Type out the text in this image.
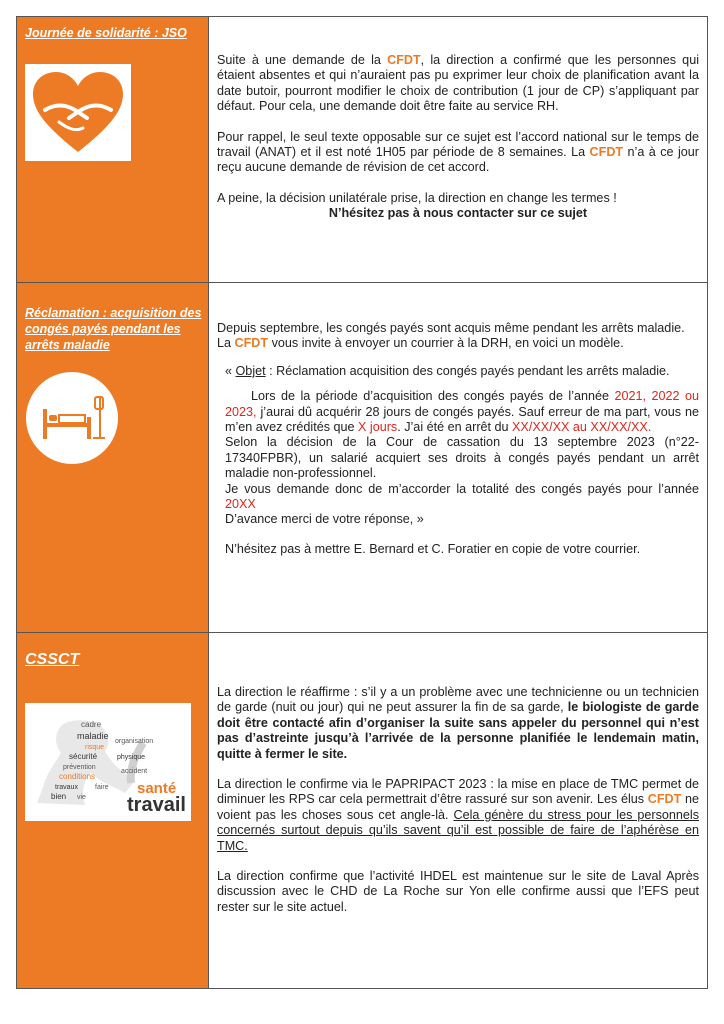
Journée de solidarité : JSO

Suite à une demande de la CFDT, la direction a confirmé que les personnes qui étaient absentes et qui n’auraient pas pu exprimer leur choix de planification avant la date butoir, pourront modifier le choix de contribution (1 jour de CP) s’appliquant par défaut. Pour cela, une demande doit être faite au service RH.

Pour rappel, le seul texte opposable sur ce sujet est l’accord national sur le temps de travail (ANAT) et il est noté 1H05 par période de 8 semaines. La CFDT n’a à ce jour reçu aucune demande de révision de cet accord.

A peine, la décision unilatérale prise, la direction en change les termes !

N’hésitez pas à nous contacter sur ce sujet

Réclamation : acquisition des congés payés pendant les arrêts maladie

Depuis septembre, les congés payés sont acquis même pendant les arrêts maladie.

La CFDT vous invite à envoyer un courrier à la DRH, en voici un modèle.

« Objet : Réclamation acquisition des congés payés pendant les arrêts maladie.

Lors de la période d’acquisition des congés payés de l’année 2021, 2022 ou 2023, j’aurai dû acquérir 28 jours de congés payés. Sauf erreur de ma part, vous ne m’en avez crédités que X jours. J’ai été en arrêt du XX/XX/XX au XX/XX/XX.

Selon la décision de la Cour de cassation du 13 septembre 2023 (n°22-17340FPBR), un salarié acquiert ses droits à congés payés pendant un arrêt maladie non-professionnel.

Je vous demande donc de m’accorder la totalité des congés payés pour l’année 20XX

D’avance merci de votre réponse, »

N’hésitez pas à mettre E. Bernard et C. Foratier en copie de votre courrier.

CSSCT
cadre
maladie
risque
sécurité
prévention
conditions
travaux faire
bien vie
organisation
physique
accident
santé
travail

La direction le réaffirme : s’il y a un problème avec une technicienne ou un technicien de garde (nuit ou jour) qui ne peut assurer la fin de sa garde, le biologiste de garde doit être contacté afin d’organiser la suite sans appeler du personnel qui n’est pas d’astreinte jusqu’à l’arrivée de la personne planifiée le lendemain matin, quitte à fermer le site.

La direction le confirme via le PAPRIPACT 2023 : la mise en place de TMC permet de diminuer les RPS car cela permettrait d’être rassuré sur son avenir. Les élus CFDT ne voient pas les choses sous cet angle-là. Cela génère du stress pour les personnels concernés surtout depuis qu’ils savent qu’il est possible de faire de l’aphérèse en TMC.

La direction confirme que l’activité IHDEL est maintenue sur le site de Laval Après discussion avec le CHD de La Roche sur Yon elle confirme aussi que l’EFS peut rester sur le site actuel.
